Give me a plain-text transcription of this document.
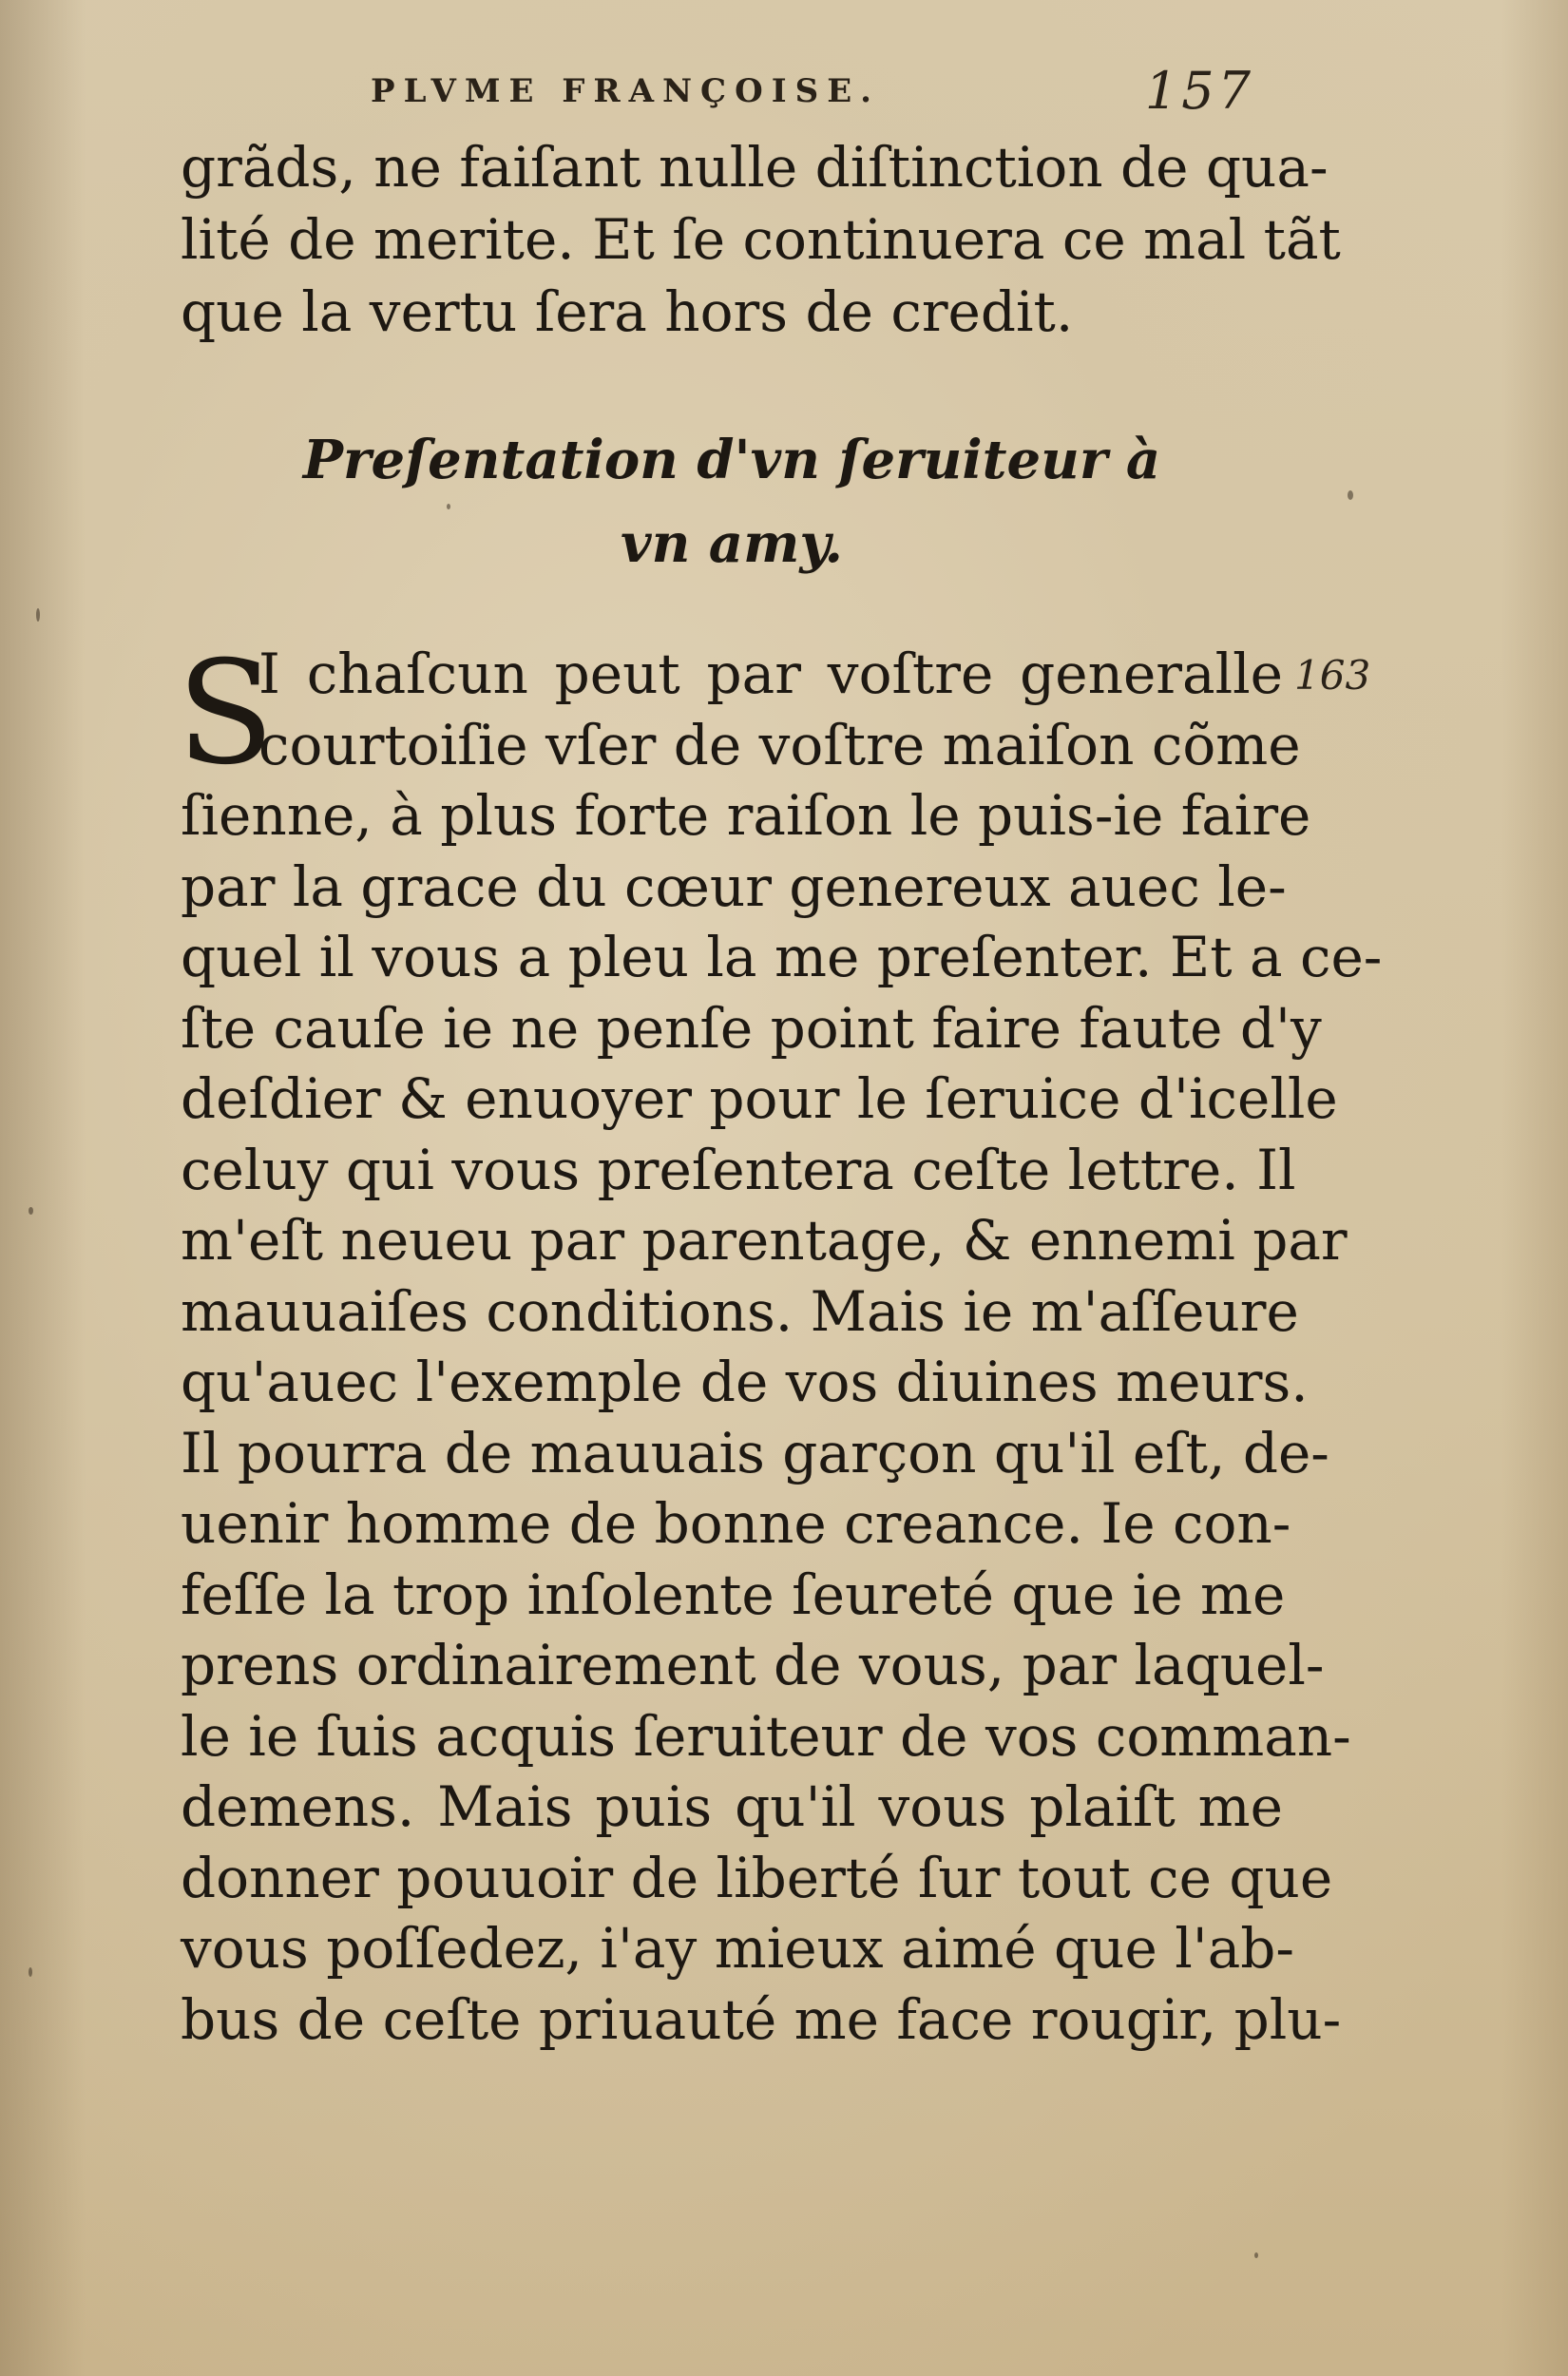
PLVME FRANÇOISE.	157
grãds, ne faiſant nulle diſtinction de qua-
lité de merite. Et ſe continuera ce mal tãt
que la vertu ſera hors de credit.
Preſentation d'vn ſeruiteur à
vn amy.
S
I chaſcun peut par voſtre generalle
courtoiſie vſer de voſtre maiſon cõme
ſienne, à plus forte raiſon le puis-ie faire
par la grace du cœur genereux auec le-
quel il vous a pleu la me preſenter. Et a ce-
ſte cauſe ie ne penſe point faire faute d'y
deſdier & enuoyer pour le ſeruice d'icelle
celuy qui vous preſentera ceſte lettre. Il
m'eſt neueu par parentage, & ennemi par
mauuaiſes conditions. Mais ie m'aſſeure
qu'auec l'exemple de vos diuines meurs.
Il pourra de mauuais garçon qu'il eſt, de-
uenir homme de bonne creance. Ie con-
feſſe la trop inſolente ſeureté que ie me
prens ordinairement de vous, par laquel-
le ie ſuis acquis ſeruiteur de vos comman-
demens. Mais puis qu'il vous plaiſt me
donner pouuoir de liberté ſur tout ce que
vous poſſedez, i'ay mieux aimé que l'ab-
bus de ceſte priuauté me face rougir, plu-
163
